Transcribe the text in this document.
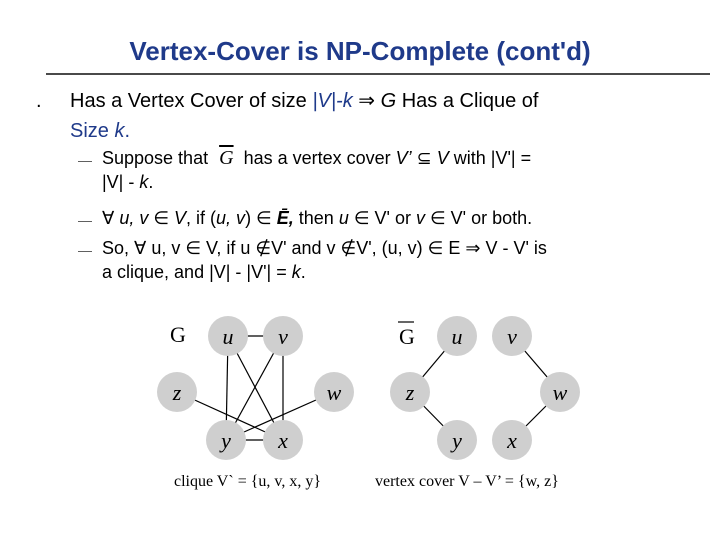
Vertex-Cover is NP-Complete (cont'd)
. Has a Vertex Cover of size |V|-k ⇒ G Has a Clique of
Size k.
— Suppose that $\overline{G}$ has a vertex cover V’ ⊆ V with |V'| =
|V| - k.
— ∀ u, v ∈ V, if (u, v) ∈ Ē, then u ∈ V' or v ∈ V' or both.
— So, ∀ u, v ∈ V, if u ∉V' and v ∉V', (u, v) ∈ E ⇒ V - V' is
a clique, and |V| - |V'| = k.
G u v
z	w
y x
clique V` = {u, v, x, y}
G u v
z	w
y x
vertex cover V – V’ = {w, z}
